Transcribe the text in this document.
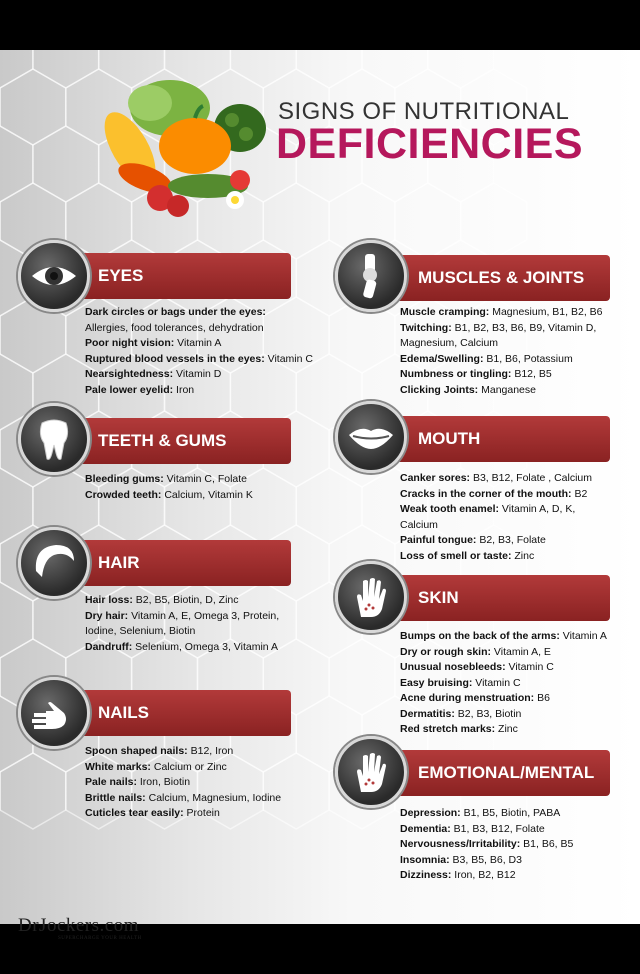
SIGNS OF NUTRITIONAL
DEFICIENCIES
EYES
Dark circles or bags under the eyes:
Allergies, food tolerances, dehydration
Poor night vision: Vitamin A
Ruptured blood vessels in the eyes: Vitamin C
Nearsightedness: Vitamin D
Pale lower eyelid: Iron
TEETH & GUMS
Bleeding gums: Vitamin C, Folate
Crowded teeth: Calcium, Vitamin K
HAIR
Hair loss: B2, B5, Biotin, D, Zinc
Dry hair: Vitamin A, E, Omega 3, Protein,
Iodine, Selenium, Biotin
Dandruff: Selenium, Omega 3, Vitamin A
NAILS
Spoon shaped nails: B12, Iron
White marks: Calcium or Zinc
Pale nails: Iron, Biotin
Brittle nails: Calcium, Magnesium, Iodine
Cuticles tear easily: Protein
MUSCLES & JOINTS
Muscle cramping: Magnesium, B1, B2, B6
Twitching: B1, B2, B3, B6, B9, Vitamin D,
Magnesium, Calcium
Edema/Swelling: B1, B6, Potassium
Numbness or tingling: B12, B5
Clicking Joints: Manganese
MOUTH
Canker sores: B3, B12, Folate , Calcium
Cracks in the corner of the mouth: B2
Weak tooth enamel: Vitamin A, D, K,
Calcium
Painful tongue: B2, B3, Folate
Loss of smell or taste: Zinc
SKIN
Bumps on the back of the arms: Vitamin A
Dry or rough skin: Vitamin A, E
Unusual nosebleeds: Vitamin C
Easy bruising: Vitamin C
Acne during menstruation: B6
Dermatitis: B2, B3, Biotin
Red stretch marks: Zinc
EMOTIONAL/MENTAL
Depression: B1, B5, Biotin, PABA
Dementia: B1, B3, B12, Folate
Nervousness/Irritability: B1, B6, B5
Insomnia: B3, B5, B6, D3
Dizziness: Iron, B2, B12
DrJockers.com
SUPERCHARGE YOUR HEALTH
